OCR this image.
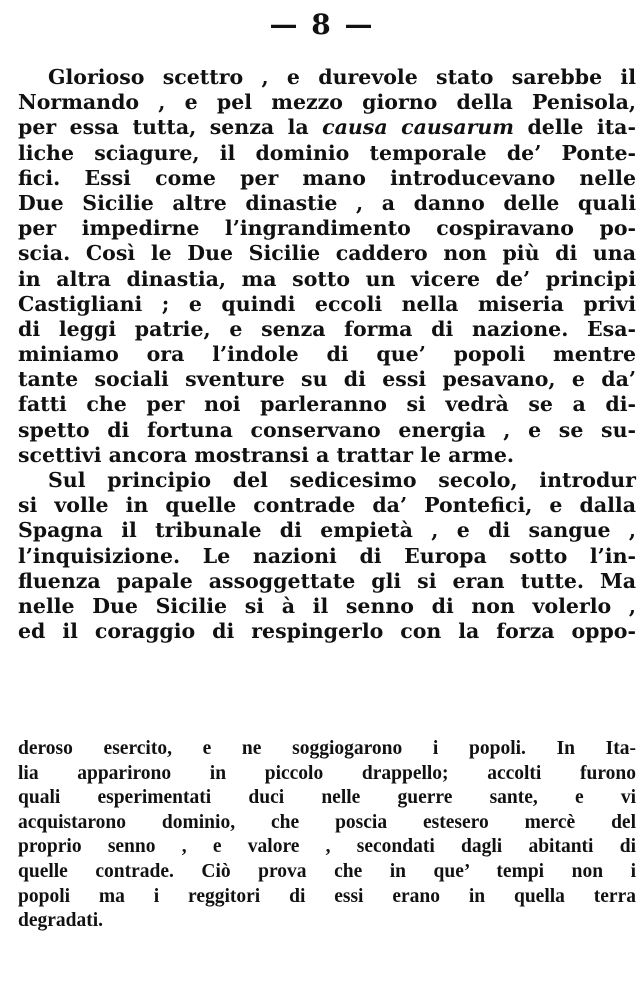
— 8 —
Glorioso scettro , e durevole stato sarebbe il
Normando , e pel mezzo giorno della Penisola,
per essa tutta, senza la causa causarum delle ita-
liche sciagure, il dominio temporale de’ Ponte-
fici. Essi come per mano introducevano nelle
Due Sicilie altre dinastie , a danno delle quali
per impedirne l’ingrandimento cospiravano po-
scia. Così le Due Sicilie caddero non più di una
in altra dinastia, ma sotto un vicere de’ principi
Castigliani ; e quindi eccoli nella miseria privi
di leggi patrie, e senza forma di nazione. Esa-
miniamo ora l’indole di que’ popoli mentre
tante sociali sventure su di essi pesavano, e da’
fatti che per noi parleranno si vedrà se a di-
spetto di fortuna conservano energia , e se su-
scettivi ancora mostransi a trattar le arme.
Sul principio del sedicesimo secolo, introdur
si volle in quelle contrade da’ Pontefici, e dalla
Spagna il tribunale di empietà , e di sangue ,
l’inquisizione. Le nazioni di Europa sotto l’in-
fluenza papale assoggettate gli si eran tutte. Ma
nelle Due Sicilie si à il senno di non volerlo ,
ed il coraggio di respingerlo con la forza oppo-
deroso esercito, e ne soggiogarono i popoli. In Ita-
lia apparirono in piccolo drappello; accolti furono
quali esperimentati duci nelle guerre sante, e vi
acquistarono dominio, che poscia estesero mercè del
proprio senno , e valore , secondati dagli abitanti di
quelle contrade. Ciò prova che in que’ tempi non i
popoli ma i reggitori di essi erano in quella terra
degradati.
